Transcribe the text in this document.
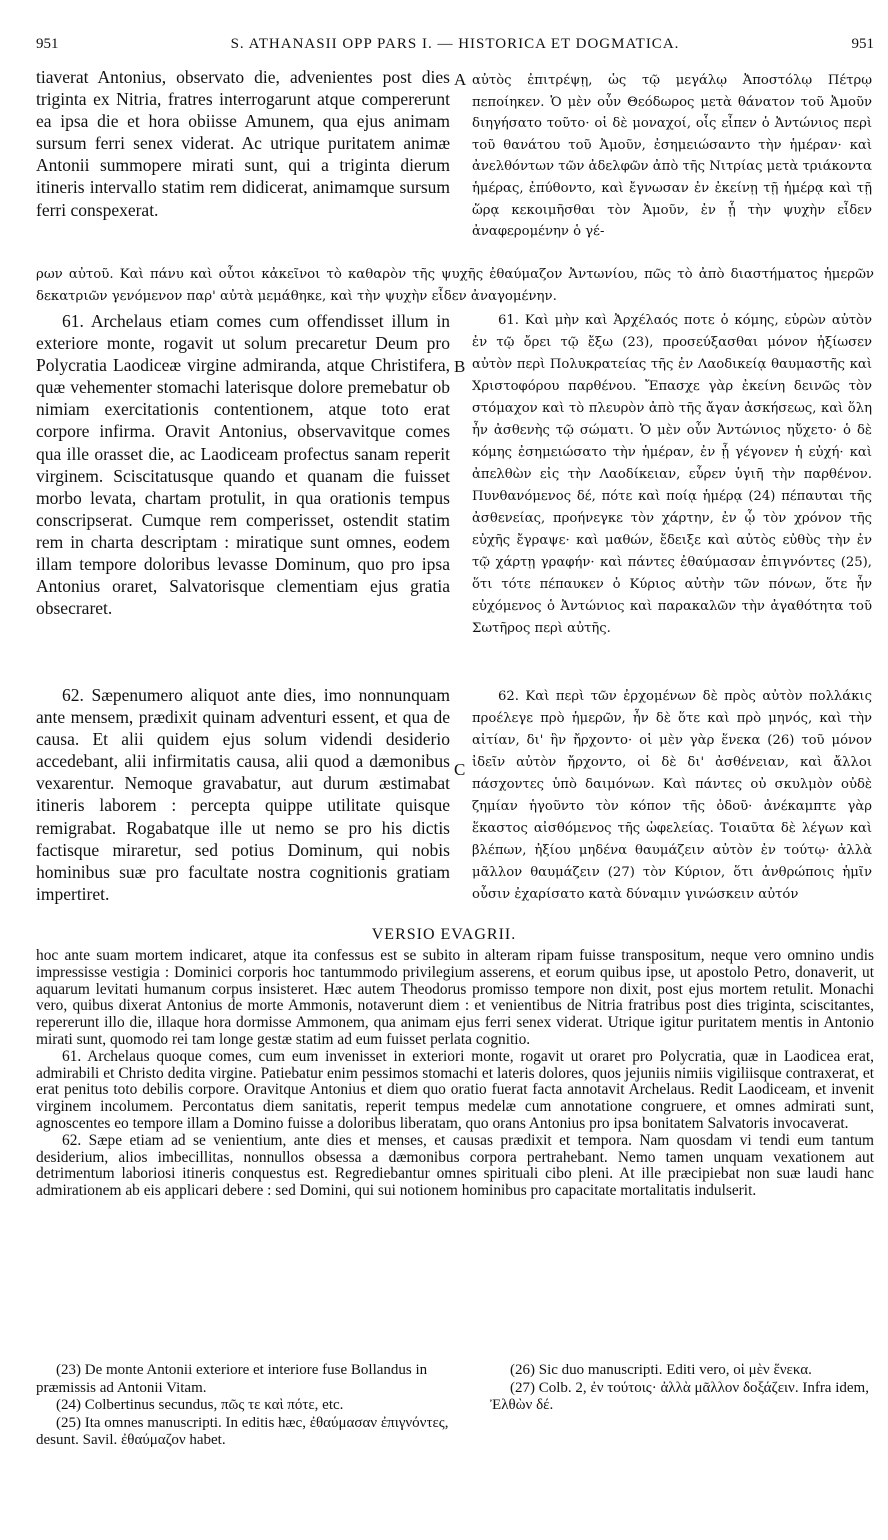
951	S. ATHANASII OPP PARS I. — HISTORICA ET DOGMATICA.	951
A
B
C

tiaverat Antonius, observato die, advenientes post dies triginta ex Nitria, fratres interrogarunt atque compererunt ea ipsa die et hora obiisse Amunem, qua ejus animam sursum ferri senex viderat. Ac utrique puritatem animæ Antonii summopere mirati sunt, qui a triginta dierum itineris intervallo statim rem didicerat, animamque sursum ferri conspexerat.

αὐτὸς ἐπιτρέψῃ, ὡς τῷ μεγάλῳ Ἀποστόλῳ Πέτρῳ πεποίηκεν. Ὁ μὲν οὖν Θεόδωρος μετὰ θάνατον τοῦ Ἀμοῦν διηγήσατο τοῦτο· οἱ δὲ μοναχοί, οἷς εἶπεν ὁ Ἀντώνιος περὶ τοῦ θανάτου τοῦ Ἀμοῦν, ἐσημειώσαντο τὴν ἡμέραν· καὶ ἀνελθόντων τῶν ἀδελφῶν ἀπὸ τῆς Νιτρίας μετὰ τριάκοντα ἡμέρας, ἐπύθοντο, καὶ ἔγνωσαν ἐν ἐκείνῃ τῇ ἡμέρᾳ καὶ τῇ ὥρᾳ κεκοιμῆσθαι τὸν Ἀμοῦν, ἐν ᾗ τὴν ψυχὴν εἶδεν ἀναφερομένην ὁ γέ-

ρων αὐτοῦ. Καὶ πάνυ καὶ οὗτοι κἀκεῖνοι τὸ καθαρὸν τῆς ψυχῆς ἐθαύμαζον Ἀντωνίου, πῶς τὸ ἀπὸ διαστήματος ἡμερῶν δεκατριῶν γενόμενον παρ' αὐτὰ μεμάθηκε, καὶ τὴν ψυχὴν εἶδεν ἀναγομένην.

61. Archelaus etiam comes cum offendisset illum in exteriore monte, rogavit ut solum precaretur Deum pro Polycratia Laodiceæ virgine admiranda, atque Christifera, quæ vehementer stomachi laterisque dolore premebatur ob nimiam exercitationis contentionem, atque toto erat corpore infirma. Oravit Antonius, observavitque comes qua ille orasset die, ac Laodiceam profectus sanam reperit virginem. Sciscitatusque quando et quanam die fuisset morbo levata, chartam protulit, in qua orationis tempus conscripserat. Cumque rem comperisset, ostendit statim rem in charta descriptam : miratique sunt omnes, eodem illam tempore doloribus levasse Dominum, quo pro ipsa Antonius oraret, Salvatorisque clementiam ejus gratia obsecraret.

61. Καὶ μὴν καὶ Ἀρχέλαός ποτε ὁ κόμης, εὑρὼν αὐτὸν ἐν τῷ ὄρει τῷ ἔξω (23), προσεύξασθαι μόνον ἠξίωσεν αὐτὸν περὶ Πολυκρατείας τῆς ἐν Λαοδικείᾳ θαυμαστῆς καὶ Χριστοφόρου παρθένου. Ἔπασχε γὰρ ἐκείνη δεινῶς τὸν στόμαχον καὶ τὸ πλευρὸν ἀπὸ τῆς ἄγαν ἀσκήσεως, καὶ ὅλη ἦν ἀσθενὴς τῷ σώματι. Ὁ μὲν οὖν Ἀντώνιος ηὔχετο· ὁ δὲ κόμης ἐσημειώσατο τὴν ἡμέραν, ἐν ᾗ γέγονεν ἡ εὐχή· καὶ ἀπελθὼν εἰς τὴν Λαοδίκειαν, εὗρεν ὑγιῆ τὴν παρθένον. Πυνθανόμενος δέ, πότε καὶ ποίᾳ ἡμέρᾳ (24) πέπαυται τῆς ἀσθενείας, προήνεγκε τὸν χάρτην, ἐν ᾧ τὸν χρόνον τῆς εὐχῆς ἔγραψε· καὶ μαθών, ἔδειξε καὶ αὐτὸς εὐθὺς τὴν ἐν τῷ χάρτῃ γραφήν· καὶ πάντες ἐθαύμασαν ἐπιγνόντες (25), ὅτι τότε πέπαυκεν ὁ Κύριος αὐτὴν τῶν πόνων, ὅτε ἦν εὐχόμενος ὁ Ἀντώνιος καὶ παρακαλῶν τὴν ἀγαθότητα τοῦ Σωτῆρος περὶ αὐτῆς.

62. Sæpenumero aliquot ante dies, imo nonnunquam ante mensem, prædixit quinam adventuri essent, et qua de causa. Et alii quidem ejus solum videndi desiderio accedebant, alii infirmitatis causa, alii quod a dæmonibus vexarentur. Nemoque gravabatur, aut durum æstimabat itineris laborem : percepta quippe utilitate quisque remigrabat. Rogabatque ille ut nemo se pro his dictis factisque miraretur, sed potius Dominum, qui nobis hominibus suæ pro facultate nostra cognitionis gratiam impertiret.

62. Καὶ περὶ τῶν ἐρχομένων δὲ πρὸς αὐτὸν πολλάκις προέλεγε πρὸ ἡμερῶν, ἦν δὲ ὅτε καὶ πρὸ μηνός, καὶ τὴν αἰτίαν, δι' ἣν ἤρχοντο· οἱ μὲν γὰρ ἕνεκα (26) τοῦ μόνον ἰδεῖν αὐτὸν ἤρχοντο, οἱ δὲ δι' ἀσθένειαν, καὶ ἄλλοι πάσχοντες ὑπὸ δαιμόνων. Καὶ πάντες οὐ σκυλμὸν οὐδὲ ζημίαν ἡγοῦντο τὸν κόπον τῆς ὁδοῦ· ἀνέκαμπτε γὰρ ἕκαστος αἰσθόμενος τῆς ὠφελείας. Τοιαῦτα δὲ λέγων καὶ βλέπων, ἠξίου μηδένα θαυμάζειν αὐτὸν ἐν τούτῳ· ἀλλὰ μᾶλλον θαυμάζειν (27) τὸν Κύριον, ὅτι ἀνθρώποις ἡμῖν οὖσιν ἐχαρίσατο κατὰ δύναμιν γινώσκειν αὐτόν

VERSIO EVAGRII.

hoc ante suam mortem indicaret, atque ita confessus est se subito in alteram ripam fuisse transpositum, neque vero omnino undis impressisse vestigia : Dominici corporis hoc tantummodo privilegium asserens, et eorum quibus ipse, ut apostolo Petro, donaverit, ut aquarum levitati humanum corpus insisteret. Hæc autem Theodorus promisso tempore non dixit, post ejus mortem retulit. Monachi vero, quibus dixerat Antonius de morte Ammonis, notaverunt diem : et venientibus de Nitria fratribus post dies triginta, sciscitantes, repererunt illo die, illaque hora dormisse Ammonem, qua animam ejus ferri senex viderat. Utrique igitur puritatem mentis in Antonio mirati sunt, quomodo rei tam longe gestæ statim ad eum fuisset perlata cognitio.

61. Archelaus quoque comes, cum eum invenisset in exteriori monte, rogavit ut oraret pro Polycratia, quæ in Laodicea erat, admirabili et Christo dedita virgine. Patiebatur enim pessimos stomachi et lateris dolores, quos jejuniis nimiis vigiliisque contraxerat, et erat penitus toto debilis corpore. Oravitque Antonius et diem quo oratio fuerat facta annotavit Archelaus. Redit Laodiceam, et invenit virginem incolumem. Percontatus diem sanitatis, reperit tempus medelæ cum annotatione congruere, et omnes admirati sunt, agnoscentes eo tempore illam a Domino fuisse a doloribus liberatam, quo orans Antonius pro ipsa bonitatem Salvatoris invocaverat.

62. Sæpe etiam ad se venientium, ante dies et menses, et causas prædixit et tempora. Nam quosdam vi tendi eum tantum desiderium, alios imbecillitas, nonnullos obsessa a dæmonibus corpora pertrahebant. Nemo tamen unquam vexationem aut detrimentum laboriosi itineris conquestus est. Regrediebantur omnes spirituali cibo pleni. At ille præcipiebat non suæ laudi hanc admirationem ab eis applicari debere : sed Domini, qui sui notionem hominibus pro capacitate mortalitatis indulserit.

(23) De monte Antonii exteriore et interiore fuse Bollandus in præmissis ad Antonii Vitam.

(24) Colbertinus secundus, πῶς τε καὶ πότε, etc.

(25) Ita omnes manuscripti. In editis hæc, ἐθαύμασαν ἐπιγνόντες, desunt. Savil. ἐθαύμαζον habet.

(26) Sic duo manuscripti. Editi vero, οἱ μὲν ἕνεκα.

(27) Colb. 2, ἐν τούτοις· ἀλλὰ μᾶλλον δοξάζειν. Infra idem, Ἐλθὼν δέ.
